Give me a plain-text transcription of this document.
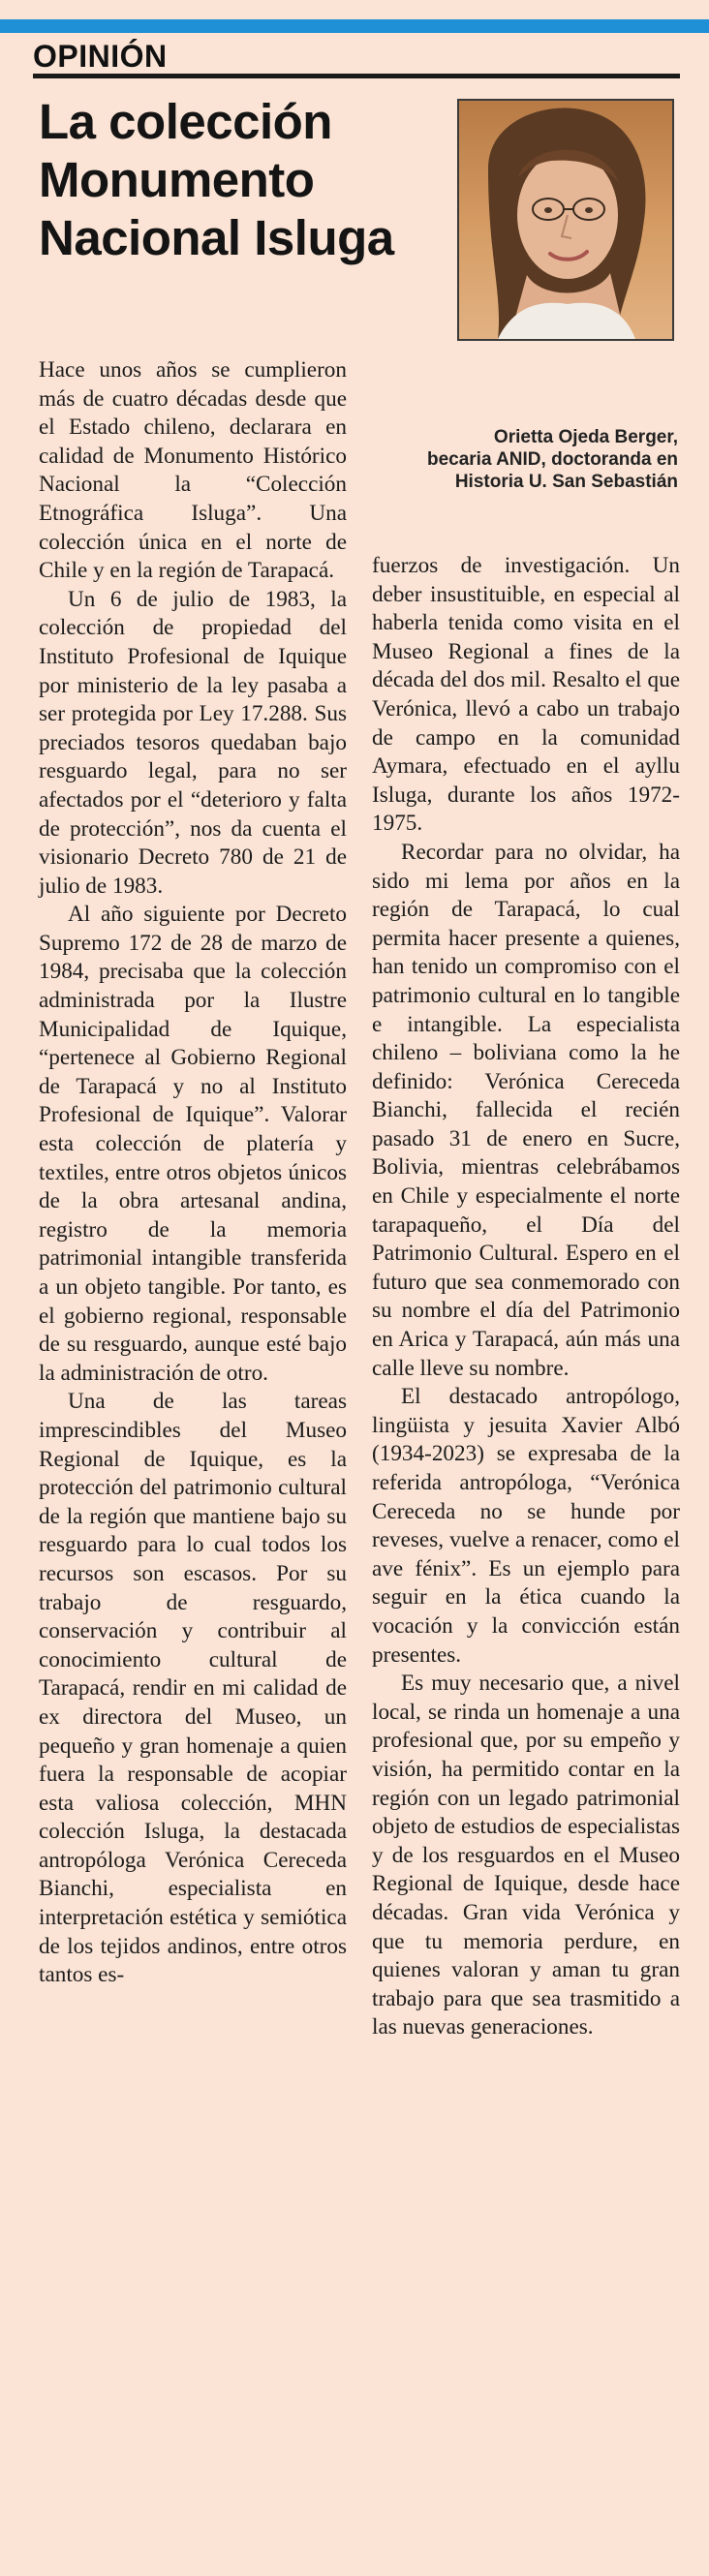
OPINIÓN
La colección Monumento Nacional Isluga
Orietta Ojeda Berger,
becaria ANID, doctoranda en
Historia U. San Sebastián

Hace unos años se cumplieron más de cuatro décadas desde que el Estado chileno, declarara en calidad de Monumento Histórico Nacional la “Colección Etnográfica Isluga”. Una colección única en el norte de Chile y en la región de Tarapacá.

Un 6 de julio de 1983, la colección de propiedad del Instituto Profesional de Iquique por ministerio de la ley pasaba a ser protegida por Ley 17.288. Sus preciados tesoros quedaban bajo resguardo legal, para no ser afectados por el “deterioro y falta de protección”, nos da cuenta el visionario Decreto 780 de 21 de julio de 1983.

Al año siguiente por Decreto Supremo 172 de 28 de marzo de 1984, precisaba que la colección administrada por la Ilustre Municipalidad de Iquique, “pertenece al Gobierno Regional de Tarapacá y no al Instituto Profesional de Iquique”. Valorar esta colección de platería y textiles, entre otros objetos únicos de la obra artesanal andina, registro de la memoria patrimonial intangible transferida a un objeto tangible. Por tanto, es el gobierno regional, responsable de su resguardo, aunque esté bajo la administración de otro.

Una de las tareas imprescindibles del Museo Regional de Iquique, es la protección del patrimonio cultural de la región que mantiene bajo su resguardo para lo cual todos los recursos son escasos. Por su trabajo de resguardo, conservación y contribuir al conocimiento cultural de Tarapacá, rendir en mi calidad de ex directora del Museo, un pequeño y gran homenaje a quien fuera la responsable de acopiar esta valiosa colección, MHN colección Isluga, la destacada antropóloga Verónica Cereceda Bianchi, especialista en interpretación estética y semiótica de los tejidos andinos, entre otros tantos es-

fuerzos de investigación. Un deber insustituible, en especial al haberla tenida como visita en el Museo Regional a fines de la década del dos mil. Resalto el que Verónica, llevó a cabo un trabajo de campo en la comunidad Aymara, efectuado en el ayllu Isluga, durante los años 1972-1975.

Recordar para no olvidar, ha sido mi lema por años en la región de Tarapacá, lo cual permita hacer presente a quienes, han tenido un compromiso con el patrimonio cultural en lo tangible e intangible. La especialista chileno – boliviana como la he definido: Verónica Cereceda Bianchi, fallecida el recién pasado 31 de enero en Sucre, Bolivia, mientras celebrábamos en Chile y especialmente el norte tarapaqueño, el Día del Patrimonio Cultural. Espero en el futuro que sea conmemorado con su nombre el día del Patrimonio en Arica y Tarapacá, aún más una calle lleve su nombre.

El destacado antropólogo, lingüista y jesuita Xavier Albó (1934-2023) se expresaba de la referida antropóloga, “Verónica Cereceda no se hunde por reveses, vuelve a renacer, como el ave fénix”. Es un ejemplo para seguir en la ética cuando la vocación y la convicción están presentes.

Es muy necesario que, a nivel local, se rinda un homenaje a una profesional que, por su empeño y visión, ha permitido contar en la región con un legado patrimonial objeto de estudios de especialistas y de los resguardos en el Museo Regional de Iquique, desde hace décadas. Gran vida Verónica y que tu memoria perdure, en quienes valoran y aman tu gran trabajo para que sea trasmitido a las nuevas generaciones.
